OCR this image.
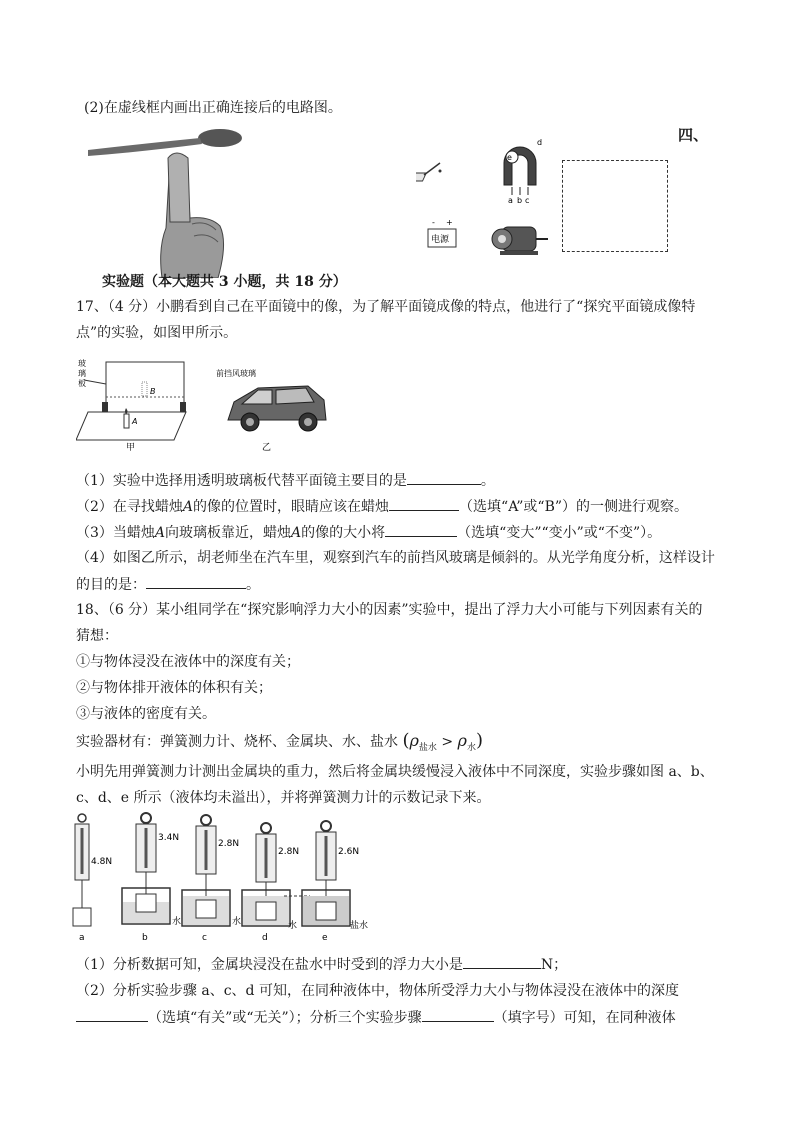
(2)在虚线框内画出正确连接后的电路图。
四、
d
e
a b c
- +
电源
实验题（本大题共 3 小题，共 18 分）
17、（4 分）小鹏看到自己在平面镜中的像，为了解平面镜成像的特点，他进行了“探究平面镜成像特
点”的实验，如图甲所示。
玻
璃
板
A
B
甲
前挡风玻璃
乙
（1）实验中选择用透明玻璃板代替平面镜主要目的是	。
（2）在寻找蜡烛A的像的位置时，眼睛应该在蜡烛	（选填“A”或“B”）的一侧进行观察。
（3）当蜡烛A向玻璃板靠近，蜡烛A的像的大小将	（选填“变大”“变小”或“不变”）。
（4）如图乙所示，胡老师坐在汽车里，观察到汽车的前挡风玻璃是倾斜的。从光学角度分析，这样设计
的目的是：	。
18、（6 分）某小组同学在“探究影响浮力大小的因素”实验中，提出了浮力大小可能与下列因素有关的
猜想：
①与物体浸没在液体中的深度有关；
②与物体排开液体的体积有关；
③与液体的密度有关。
实验器材有：弹簧测力计、烧杯、金属块、水、盐水 $(\rho_{盐水} > \rho_水)$
小明先用弹簧测力计测出金属块的重力，然后将金属块缓慢浸入液体中不同深度，实验步骤如图 a、b、
c、d、e 所示（液体均未溢出），并将弹簧测力计的示数记录下来。
4.8N
a
3.4N
水
b
2.8N
水
c
2.8N
水
d
2.6N
盐水
e
（1）分析数据可知，金属块浸没在盐水中时受到的浮力大小是	N；
（2）分析实验步骤 a、c、d 可知，在同种液体中，物体所受浮力大小与物体浸没在液体中的深度
（选填“有关”或“无关”）；分析三个实验步骤	（填字号）可知，在同种液体
